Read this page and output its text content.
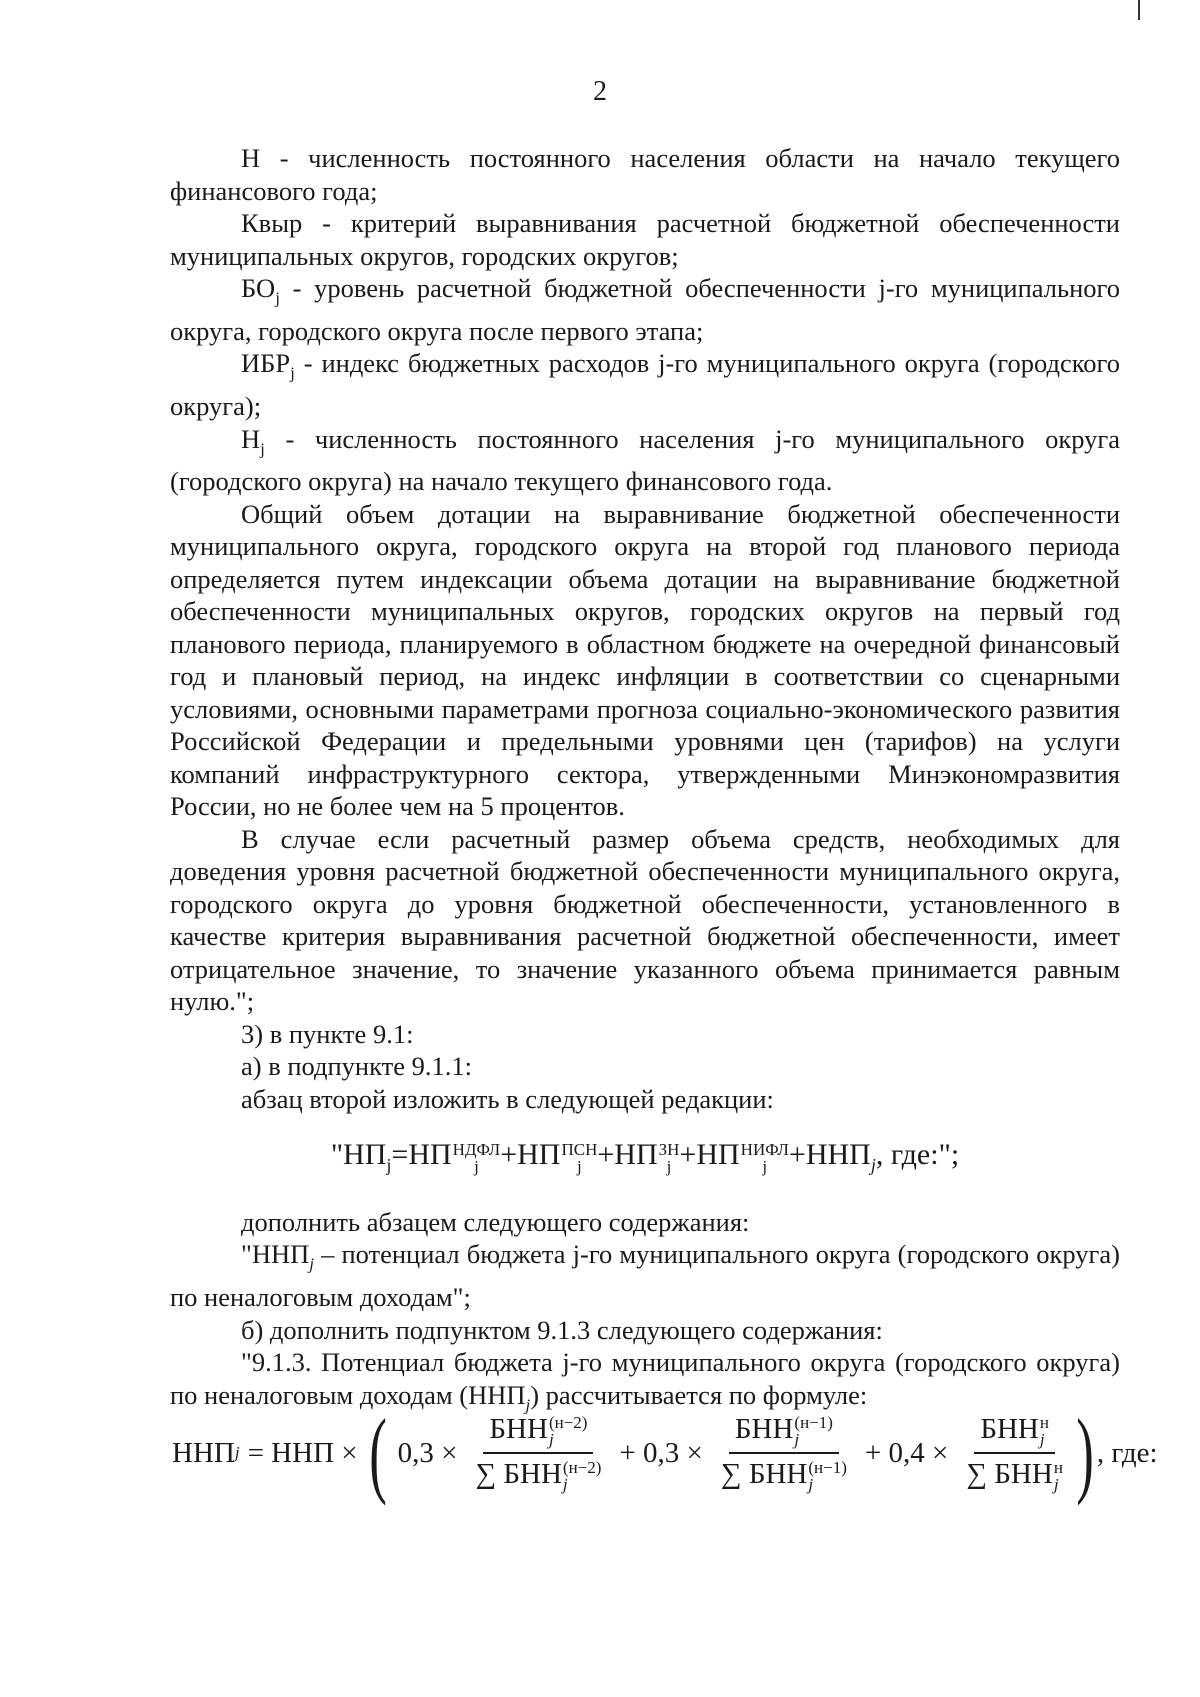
2

Н - численность постоянного населения области на начало текущего финансового года;

Квыр - критерий выравнивания расчетной бюджетной обеспеченности муниципальных округов, городских округов;

$БО_j$ - уровень расчетной бюджетной обеспеченности j-го муниципального округа, городского округа после первого этапа;

$ИБР_j$ - индекс бюджетных расходов j-го муниципального округа (городского округа);

$Н_j$ - численность постоянного населения j-го муниципального округа (городского округа) на начало текущего финансового года.

Общий объем дотации на выравнивание бюджетной обеспеченности муниципального округа, городского округа на второй год планового периода определяется путем индексации объема дотации на выравнивание бюджетной обеспеченности муниципальных округов, городских округов на первый год планового периода, планируемого в областном бюджете на очередной финансовый год и плановый период, на индекс инфляции в соответствии со сценарными условиями, основными параметрами прогноза социально-экономического развития Российской Федерации и предельными уровнями цен (тарифов) на услуги компаний инфраструктурного сектора, утвержденными Минэкономразвития России, но не более чем на 5 процентов.

В случае если расчетный размер объема средств, необходимых для доведения уровня расчетной бюджетной обеспеченности муниципального округа, городского округа до уровня бюджетной обеспеченности, установленного в качестве критерия выравнивания расчетной бюджетной обеспеченности, имеет отрицательное значение, то значение указанного объема принимается равным нулю.";

3) в пункте 9.1:

а) в подпункте 9.1.1:

абзац второй изложить в следующей редакции:

"$НП_j=НП$ НДФЛ
j +НП ПСН
j +НП ЗН
j +НП НИФЛ
$j +ННП_j$, где:";

дополнить абзацем следующего содержания:

"$ННП_j$ – потенциал бюджета j-го муниципального округа (городского округа) по неналоговым доходам";

б) дополнить подпунктом 9.1.3 следующего содержания:

"9.1.3. Потенциал бюджета j-го муниципального округа (городского округа) по неналоговым доходам $(ННП_j)$ рассчитывается по формуле:

ННП j = ННП × ( 0,3 × БНН (н−2)
j
∑ БНН (н−2)
j + 0,3 × БНН (н−1)
j
∑ БНН (н−1)
j + 0,4 × БНН н
j
∑ БНН н
j ) , где:
